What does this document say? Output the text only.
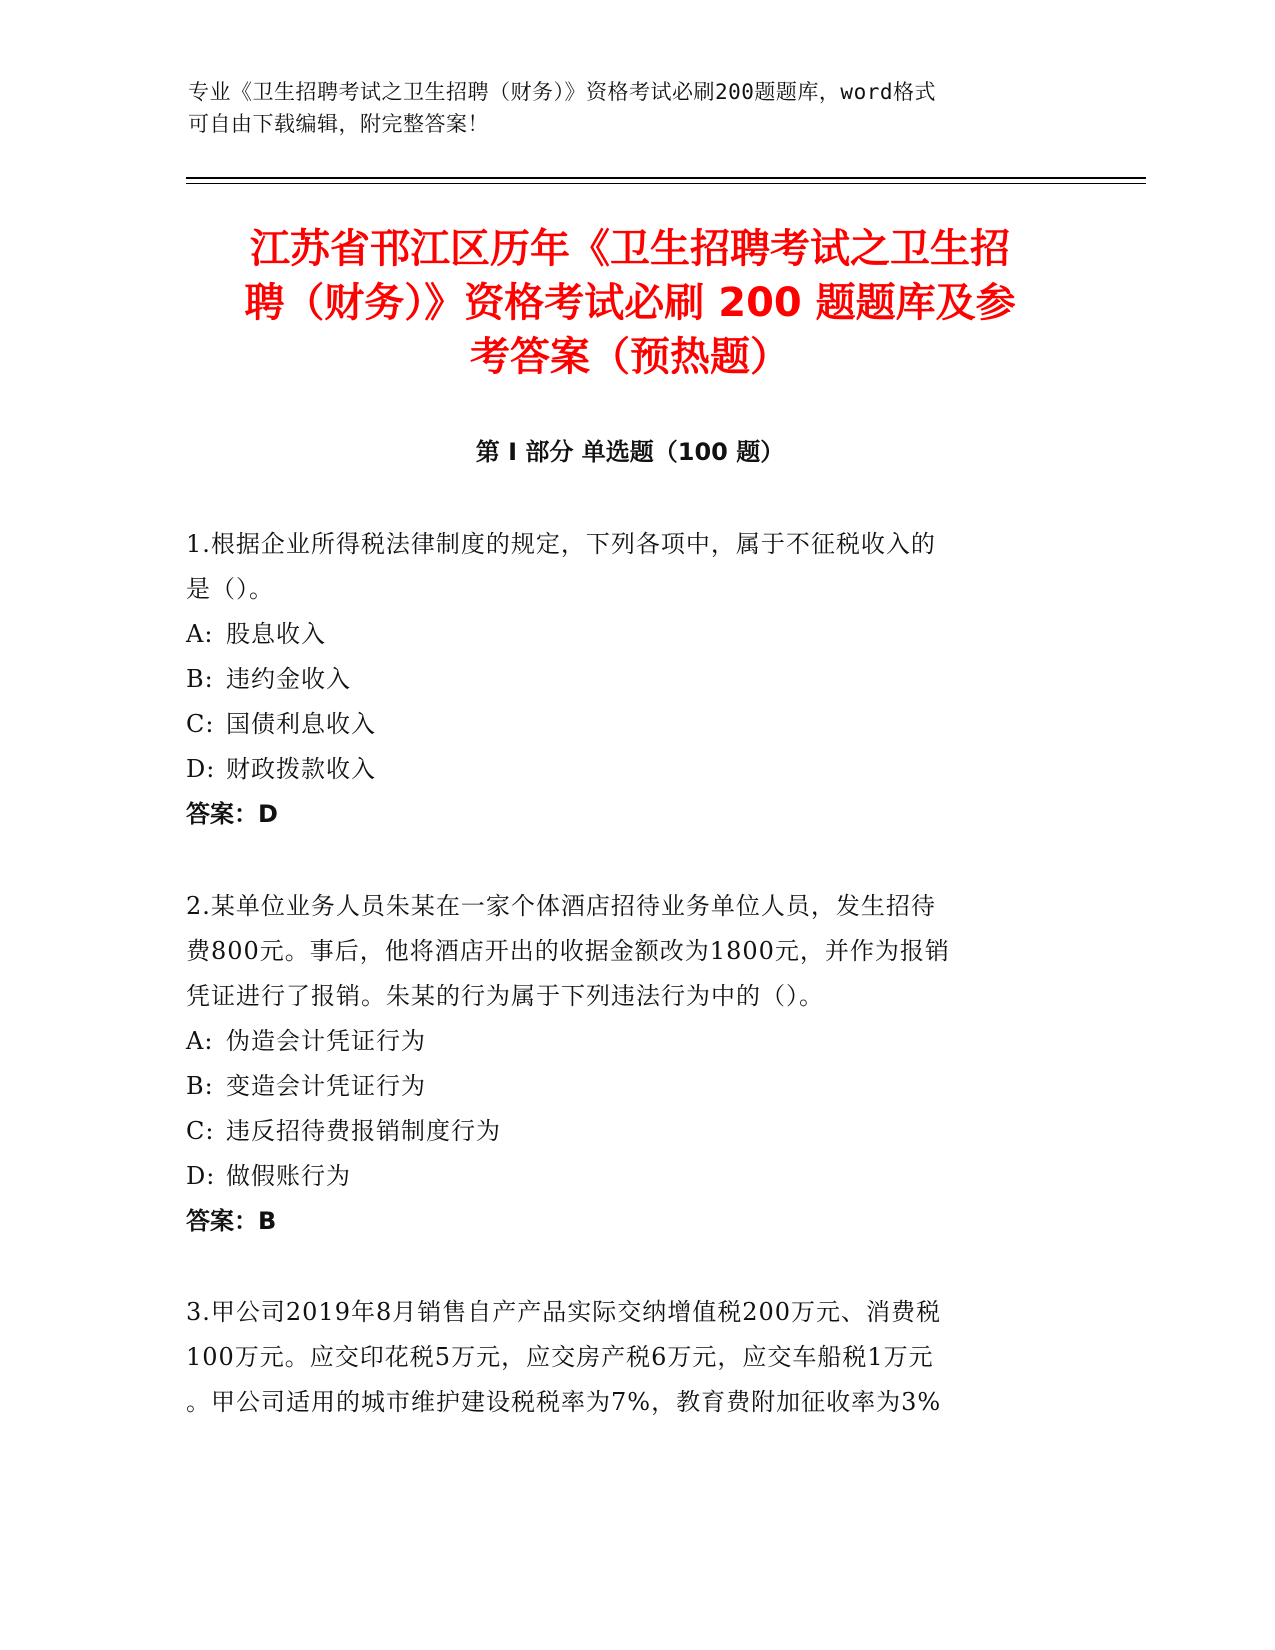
专业《卫生招聘考试之卫生招聘（财务）》资格考试必刷200题题库，word格式
可自由下载编辑，附完整答案！
江苏省邗江区历年《卫生招聘考试之卫生招
聘（财务）》资格考试必刷 200 题题库及参
考答案（预热题）
第 I 部分 单选题（100 题）

1.根据企业所得税法律制度的规定，下列各项中，属于不征税收入的

是（）。

A: 股息收入

B: 违约金收入

C: 国债利息收入

D: 财政拨款收入

答案：D

2.某单位业务人员朱某在一家个体酒店招待业务单位人员，发生招待

费800元。事后，他将酒店开出的收据金额改为1800元，并作为报销

凭证进行了报销。朱某的行为属于下列违法行为中的（）。

A: 伪造会计凭证行为

B: 变造会计凭证行为

C: 违反招待费报销制度行为

D: 做假账行为

答案：B

3.甲公司2019年8月销售自产产品实际交纳增值税200万元、消费税

100万元。应交印花税5万元，应交房产税6万元，应交车船税1万元

。甲公司适用的城市维护建设税税率为7%，教育费附加征收率为3%
